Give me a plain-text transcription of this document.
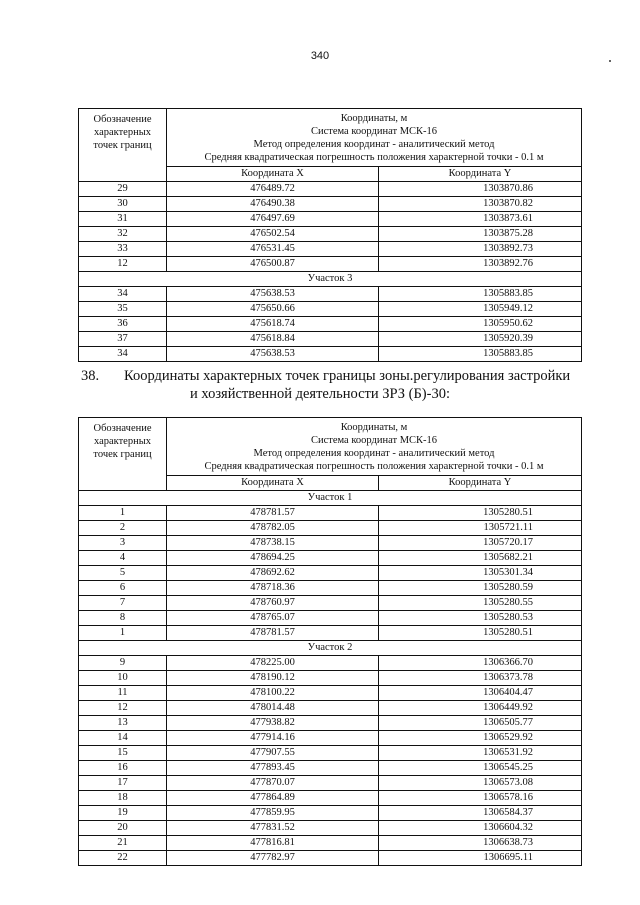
340
Обозначение характерных точек границ	Координаты, м
Система координат МСК-16
Метод определения координат - аналитический метод
Средняя квадратическая погрешность положения характерной точки - 0.1 м	

	Координата X	Координата Y
29	476489.72	1303870.86
30	476490.38	1303870.82
31	476497.69	1303873.61
32	476502.54	1303875.28
33	476531.45	1303892.73
12	476500.87	1303892.76
Участок 3		
34	475638.53	1305883.85
35	475650.66	1305949.12
36	475618.74	1305950.62
37	475618.84	1305920.39
34	475638.53	1305883.85
38. Координаты характерных точек границы зоны.регулирования застройки
и хозяйственной деятельности ЗРЗ (Б)-30:
Обозначение характерных точек границ	Координаты, м
Система координат МСК-16
Метод определения координат - аналитический метод
Средняя квадратическая погрешность положения характерной точки - 0.1 м	

	Координата X	Координата Y
Участок 1		
1	478781.57	1305280.51
2	478782.05	1305721.11
3	478738.15	1305720.17
4	478694.25	1305682.21
5	478692.62	1305301.34
6	478718.36	1305280.59
7	478760.97	1305280.55
8	478765.07	1305280.53
1	478781.57	1305280.51
Участок 2		
9	478225.00	1306366.70
10	478190.12	1306373.78
11	478100.22	1306404.47
12	478014.48	1306449.92
13	477938.82	1306505.77
14	477914.16	1306529.92
15	477907.55	1306531.92
16	477893.45	1306545.25
17	477870.07	1306573.08
18	477864.89	1306578.16
19	477859.95	1306584.37
20	477831.52	1306604.32
21	477816.81	1306638.73
22	477782.97	1306695.11
